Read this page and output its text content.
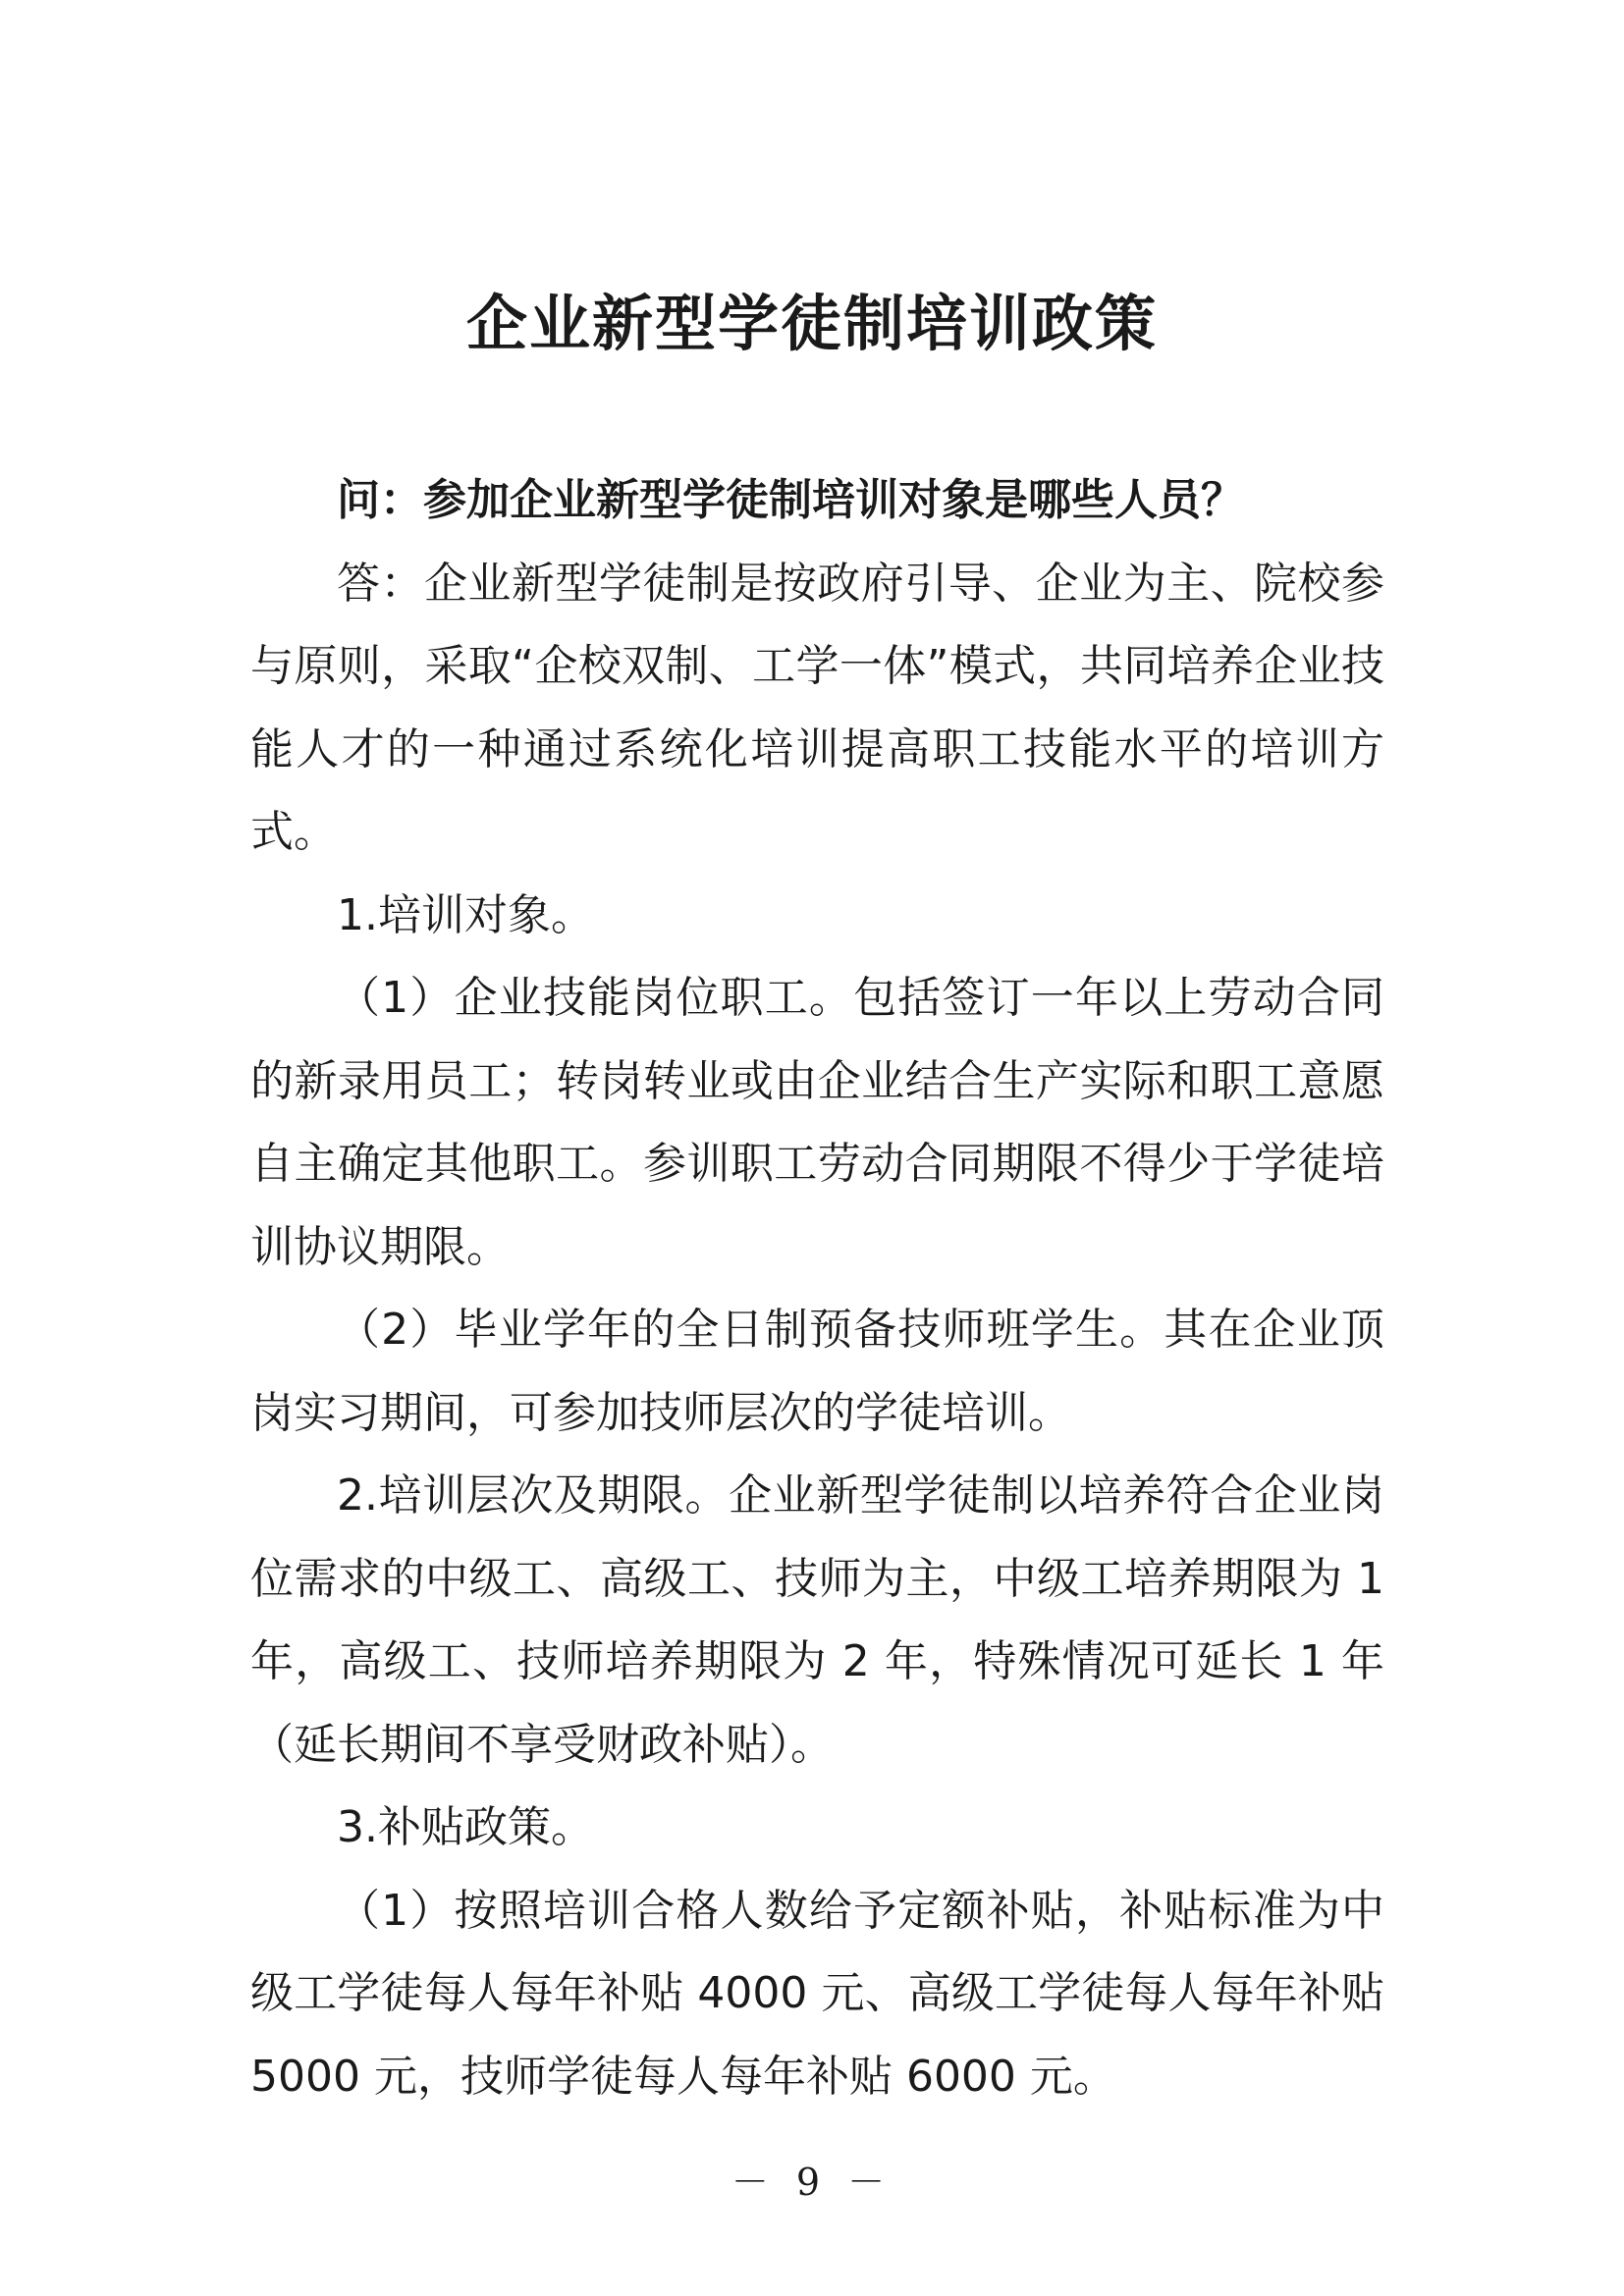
企业新型学徒制培训政策

问：参加企业新型学徒制培训对象是哪些人员？

答：企业新型学徒制是按政府引导、企业为主、院校参与原则，采取“企校双制、工学一体”模式，共同培养企业技能人才的一种通过系统化培训提高职工技能水平的培训方式。

1.培训对象。

（1）企业技能岗位职工。包括签订一年以上劳动合同的新录用员工；转岗转业或由企业结合生产实际和职工意愿自主确定其他职工。参训职工劳动合同期限不得少于学徒培训协议期限。

（2）毕业学年的全日制预备技师班学生。其在企业顶岗实习期间，可参加技师层次的学徒培训。

2.培训层次及期限。企业新型学徒制以培养符合企业岗位需求的中级工、高级工、技师为主，中级工培养期限为 1 年，高级工、技师培养期限为 2 年，特殊情况可延长 1 年（延长期间不享受财政补贴）。

3.补贴政策。

（1）按照培训合格人数给予定额补贴，补贴标准为中级工学徒每人每年补贴 4000 元、高级工学徒每人每年补贴 5000 元，技师学徒每人每年补贴 6000 元。

－ 9 －
